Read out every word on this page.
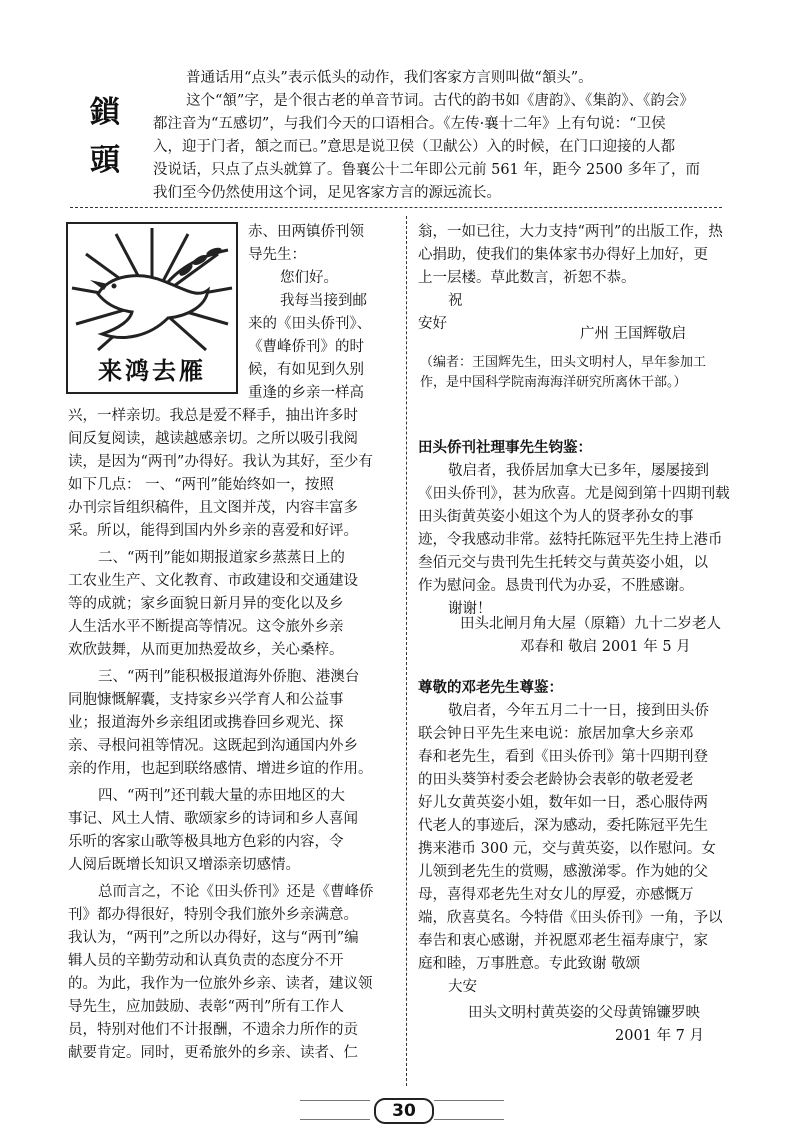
鎖
頭
普通话用“点头”表示低头的动作，我们客家方言则叫做“頷头”。
这个“頷”字，是个很古老的单音节词。古代的韵书如《唐韵》、《集韵》、《韵会》
都注音为“五感切”，与我们今天的口语相合。《左传·襄十二年》上有句说：“卫侯
入，迎于门者，頷之而已。”意思是说卫侯（卫献公）入的时候，在门口迎接的人都
没说话，只点了点头就算了。鲁襄公十二年即公元前 561 年，距今 2500 多年了，而
我们至今仍然使用这个词，足见客家方言的源远流长。
来鸿去雁
赤、田两镇侨刊领
导先生：
您们好。
我每当接到邮
来的《田头侨刊》、
《曹峰侨刊》的时
候，有如见到久别
重逢的乡亲一样高
兴，一样亲切。我总是爱不释手，抽出许多时
间反复阅读，越读越感亲切。之所以吸引我阅
读，是因为“两刊”办得好。我认为其好，至少有
如下几点： 一、“两刊”能始终如一，按照
办刊宗旨组织稿件，且文图并茂，内容丰富多
采。所以，能得到国内外乡亲的喜爱和好评。
二、“两刊”能如期报道家乡蒸蒸日上的
工农业生产、文化教育、市政建设和交通建设
等的成就；家乡面貌日新月异的变化以及乡
人生活水平不断提高等情况。这令旅外乡亲
欢欣鼓舞，从而更加热爱故乡，关心桑梓。
三、“两刊”能积极报道海外侨胞、港澳台
同胞慷慨解囊，支持家乡兴学育人和公益事
业；报道海外乡亲组团或携眷回乡观光、探
亲、寻根问祖等情况。这既起到沟通国内外乡
亲的作用，也起到联络感情、增进乡谊的作用。
四、“两刊”还刊载大量的赤田地区的大
事记、风土人情、歌颂家乡的诗词和乡人喜闻
乐听的客家山歌等极具地方色彩的内容，令
人阅后既增长知识又增添亲切感情。
总而言之，不论《田头侨刊》还是《曹峰侨
刊》都办得很好，特别令我们旅外乡亲满意。
我认为，“两刊”之所以办得好，这与“两刊”编
辑人员的辛勤劳动和认真负责的态度分不开
的。为此，我作为一位旅外乡亲、读者，建议领
导先生，应加鼓励、表彰“两刊”所有工作人
员，特别对他们不计报酬，不遗余力所作的贡
献要肯定。同时，更希旅外的乡亲、读者、仁
翁，一如已往，大力支持“两刊”的出版工作，热
心捐助，使我们的集体家书办得好上加好，更
上一层楼。草此数言，祈恕不恭。
祝
安好
广州 王国辉敬启
（编者：王国辉先生，田头文明村人，早年参加工
作，是中国科学院南海海洋研究所离休干部。）
田头侨刊社理事先生钧鉴：
敬启者，我侨居加拿大已多年，屡屡接到
《田头侨刊》，甚为欣喜。尤是阅到第十四期刊载
田头街黄英姿小姐这个为人的贤孝孙女的事
迹，令我感动非常。兹特托陈冠平先生持上港币
叁佰元交与贵刊先生托转交与黄英姿小姐，以
作为慰问金。恳贵刊代为办妥，不胜感谢。
谢谢！
田头北闸月角大屋（原籍）九十二岁老人
邓春和 敬启 2001 年 5 月
尊敬的邓老先生尊鉴：
敬启者，今年五月二十一日，接到田头侨
联会钟日平先生来电说：旅居加拿大乡亲邓
春和老先生，看到《田头侨刊》第十四期刊登
的田头葵笋村委会老龄协会表彰的敬老爱老
好儿女黄英姿小姐，数年如一日，悉心服侍两
代老人的事迹后，深为感动，委托陈冠平先生
携来港币 300 元，交与黄英姿，以作慰问。女
儿领到老先生的赏赐，感激涕零。作为她的父
母，喜得邓老先生对女儿的厚爱，亦感慨万
端，欣喜莫名。今特借《田头侨刊》一角，予以
奉告和衷心感谢，并祝愿邓老生福寿康宁，家
庭和睦，万事胜意。专此致谢 敬颂
大安
田头文明村黄英姿的父母黄锦镰罗映
2001 年 7 月
30
